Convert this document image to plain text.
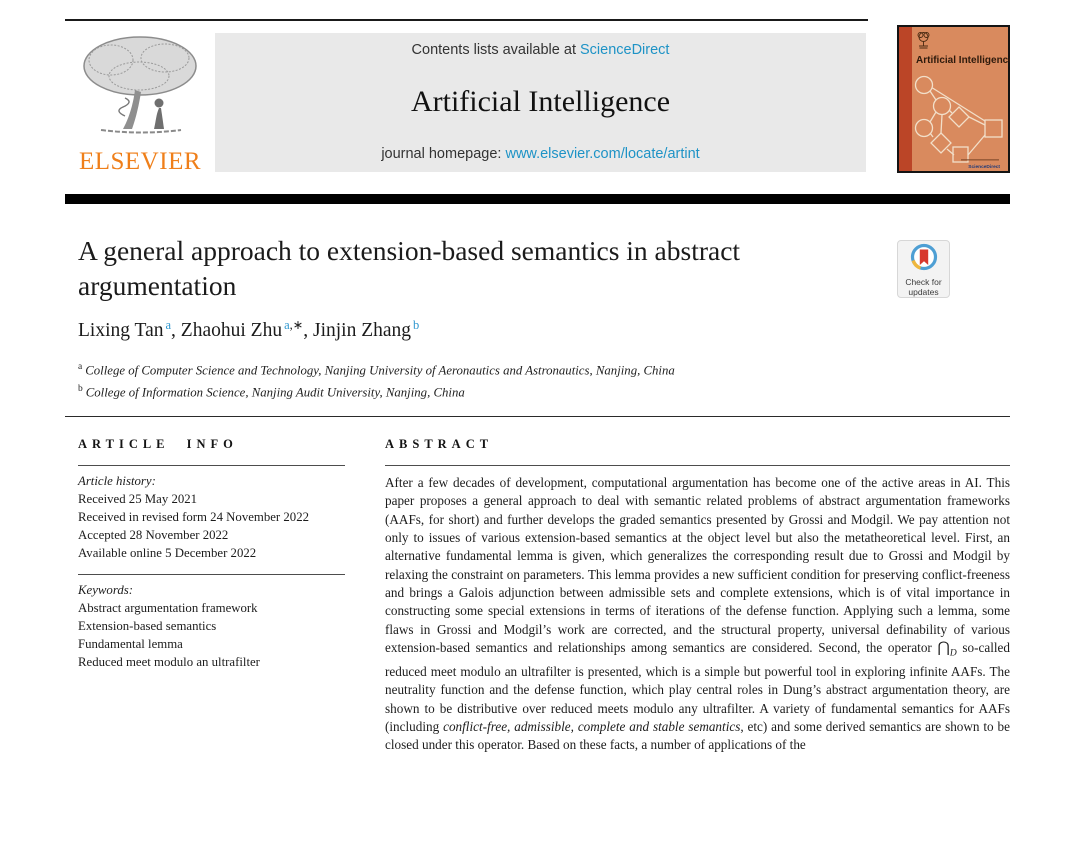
ELSEVIER
Contents lists available at ScienceDirect
Artificial Intelligence
journal homepage: www.elsevier.com/locate/artint
Artificial Intelligence
ScienceDirect
A general approach to extension-based semantics in abstract argumentation	Check for
updates
Lixing Tan $^a$, Zhaohui Zhu $^{a,∗}$, Jinjin Zhang $^b$
$^a$ College of Computer Science and Technology, Nanjing University of Aeronautics and Astronautics, Nanjing, China
$^b$ College of Information Science, Nanjing Audit University, Nanjing, China
ARTICLE INFO
Article history:
Received 25 May 2021
Received in revised form 24 November 2022
Accepted 28 November 2022
Available online 5 December 2022
Keywords:
Abstract argumentation framework
Extension-based semantics
Fundamental lemma
Reduced meet modulo an ultrafilter
ABSTRACT

After a few decades of development, computational argumentation has become one of the active areas in AI. This paper proposes a general approach to deal with semantic related problems of abstract argumentation frameworks (AAFs, for short) and further develops the graded semantics presented by Grossi and Modgil. We pay attention not only to issues of various extension-based semantics at the object level but also the metatheoretical level. First, an alternative fundamental lemma is given, which generalizes the corresponding result due to Grossi and Modgil by relaxing the constraint on parameters. This lemma provides a new sufficient condition for preserving conflict-freeness and brings a Galois adjunction between admissible sets and complete extensions, which is of vital importance in constructing some special extensions in terms of iterations of the defense function. Applying such a lemma, some flaws in Grossi and Modgil’s work are corrected, and the structural property, universal definability of various extension-based semantics and relationships among semantics are considered. Second, the operator $⋂_D$ so-called reduced meet modulo an ultrafilter is presented, which is a simple but powerful tool in exploring infinite AAFs. The neutrality function and the defense function, which play central roles in Dung’s abstract argumentation theory, are shown to be distributive over reduced meets modulo any ultrafilter. A variety of fundamental semantics for AAFs (including conflict-free, admissible, complete and stable semantics, etc) and some derived semantics are shown to be closed under this operator. Based on these facts, a number of applications of the
